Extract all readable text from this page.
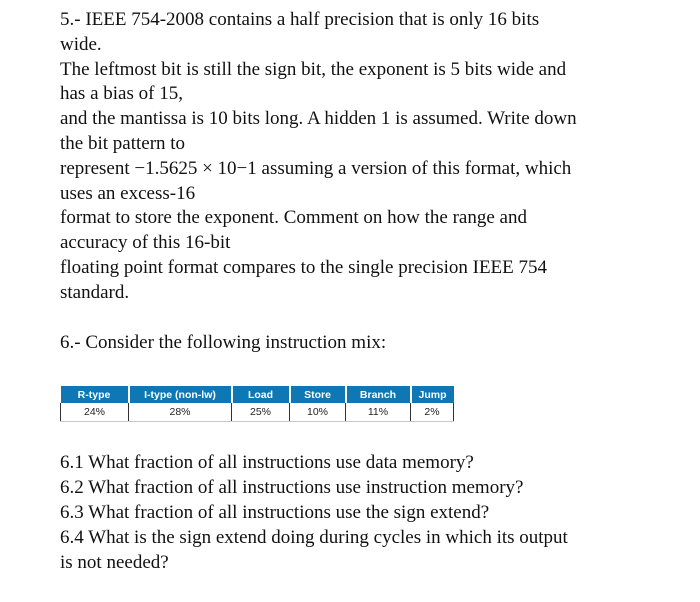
5.- IEEE 754-2008 contains a half precision that is only 16 bits
wide.
The leftmost bit is still the sign bit, the exponent is 5 bits wide and
has a bias of 15,
and the mantissa is 10 bits long. A hidden 1 is assumed. Write down
the bit pattern to
represent −1.5625 × 10−1 assuming a version of this format, which
uses an excess-16
format to store the exponent. Comment on how the range and
accuracy of this 16-bit
floating point format compares to the single precision IEEE 754
standard.

6.- Consider the following instruction mix:

R-type	I-type (non-lw)	Load	Store	Branch	Jump
24%	28%	25%	10%	11%	2%

6.1 What fraction of all instructions use data memory?
6.2 What fraction of all instructions use instruction memory?
6.3 What fraction of all instructions use the sign extend?
6.4 What is the sign extend doing during cycles in which its output
is not needed?
